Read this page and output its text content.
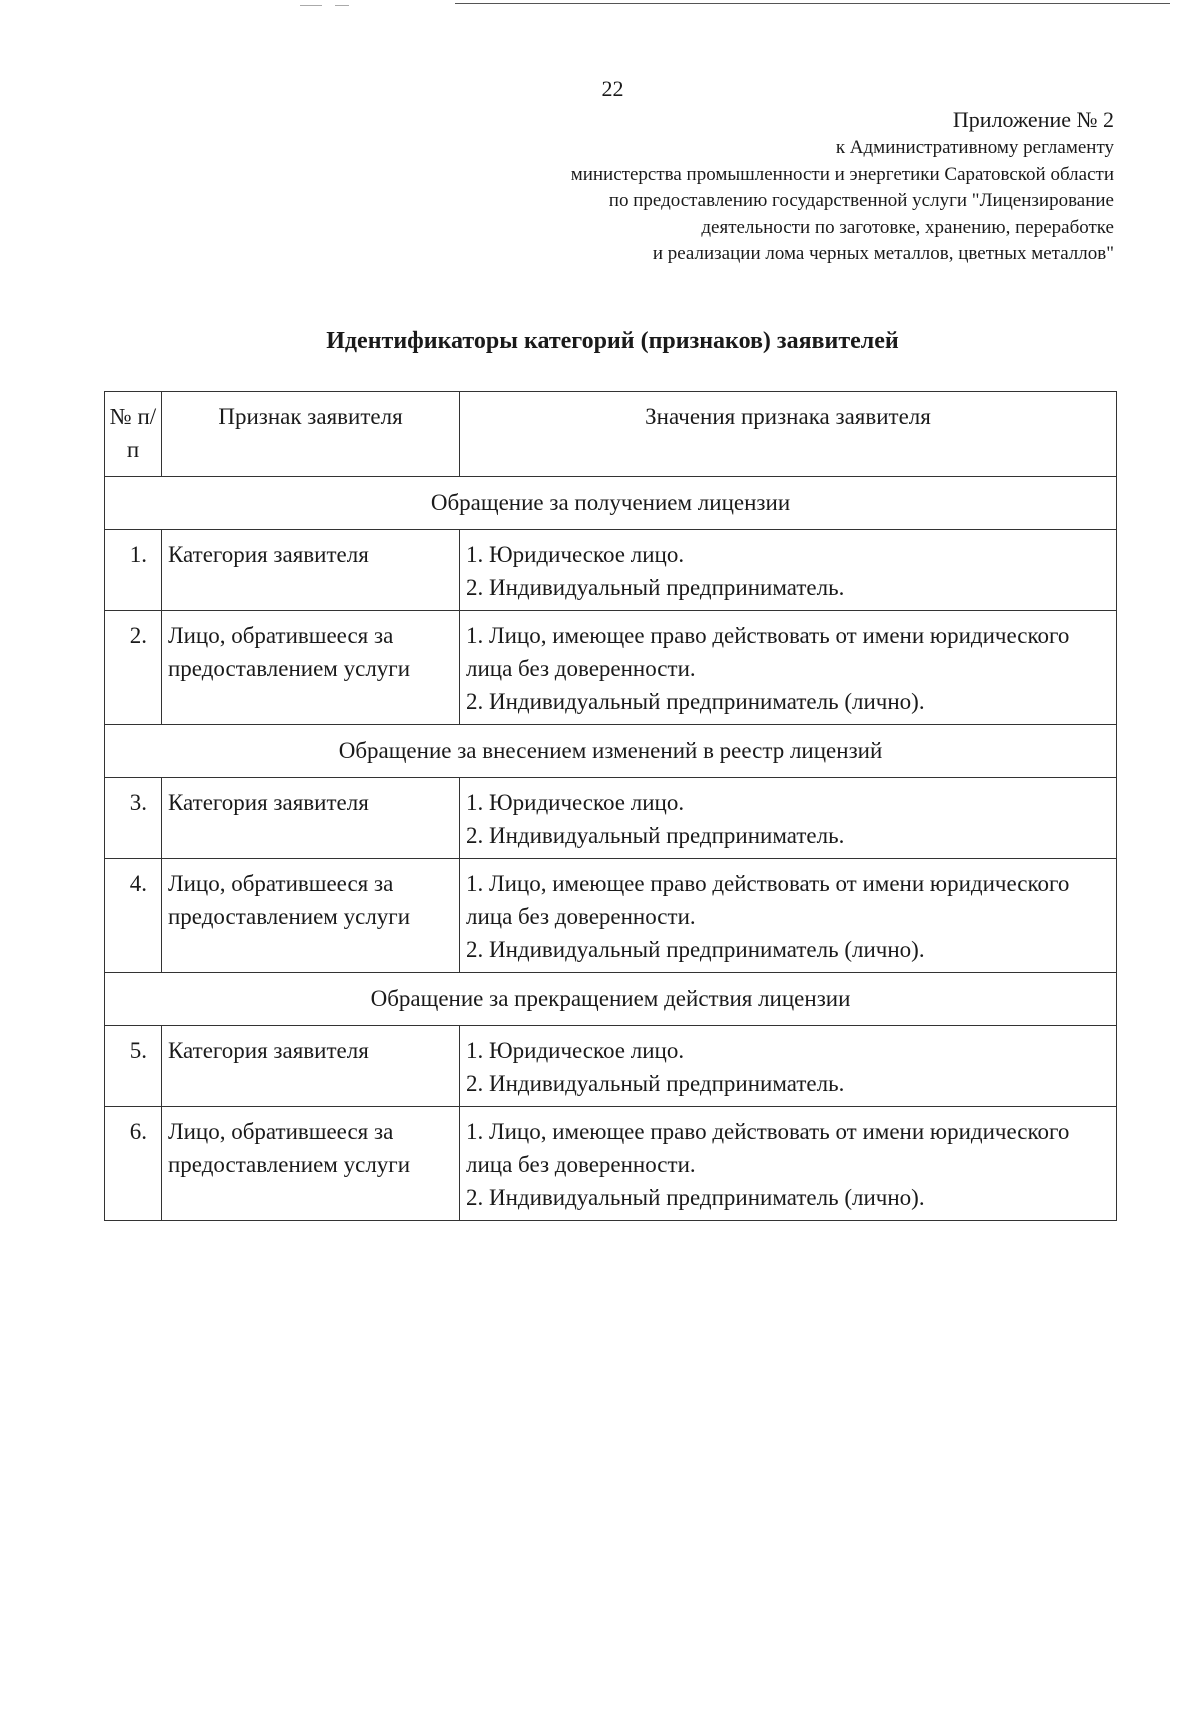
22
Приложение № 2
к Административному регламенту
министерства промышленности и энергетики Саратовской области
по предоставлению государственной услуги "Лицензирование
деятельности по заготовке, хранению, переработке
и реализации лома черных металлов, цветных металлов"
Идентификаторы категорий (признаков) заявителей
№ п/п	Признак заявителя	Значения признака заявителя
Обращение за получением лицензии		
1.	Категория заявителя	1. Юридическое лицо.
2. Индивидуальный предприниматель.

2.	Лицо, обратившееся за предоставлением услуги	1. Лицо, имеющее право действовать от имени юридического лица без доверенности.
2. Индивидуальный предприниматель (лично).

Обращение за внесением изменений в реестр лицензий		
3.	Категория заявителя	1. Юридическое лицо.
2. Индивидуальный предприниматель.

4.	Лицо, обратившееся за предоставлением услуги	1. Лицо, имеющее право действовать от имени юридического лица без доверенности.
2. Индивидуальный предприниматель (лично).

Обращение за прекращением действия лицензии		
5.	Категория заявителя	1. Юридическое лицо.
2. Индивидуальный предприниматель.

6.	Лицо, обратившееся за предоставлением услуги	1. Лицо, имеющее право действовать от имени юридического лица без доверенности.
2. Индивидуальный предприниматель (лично).
